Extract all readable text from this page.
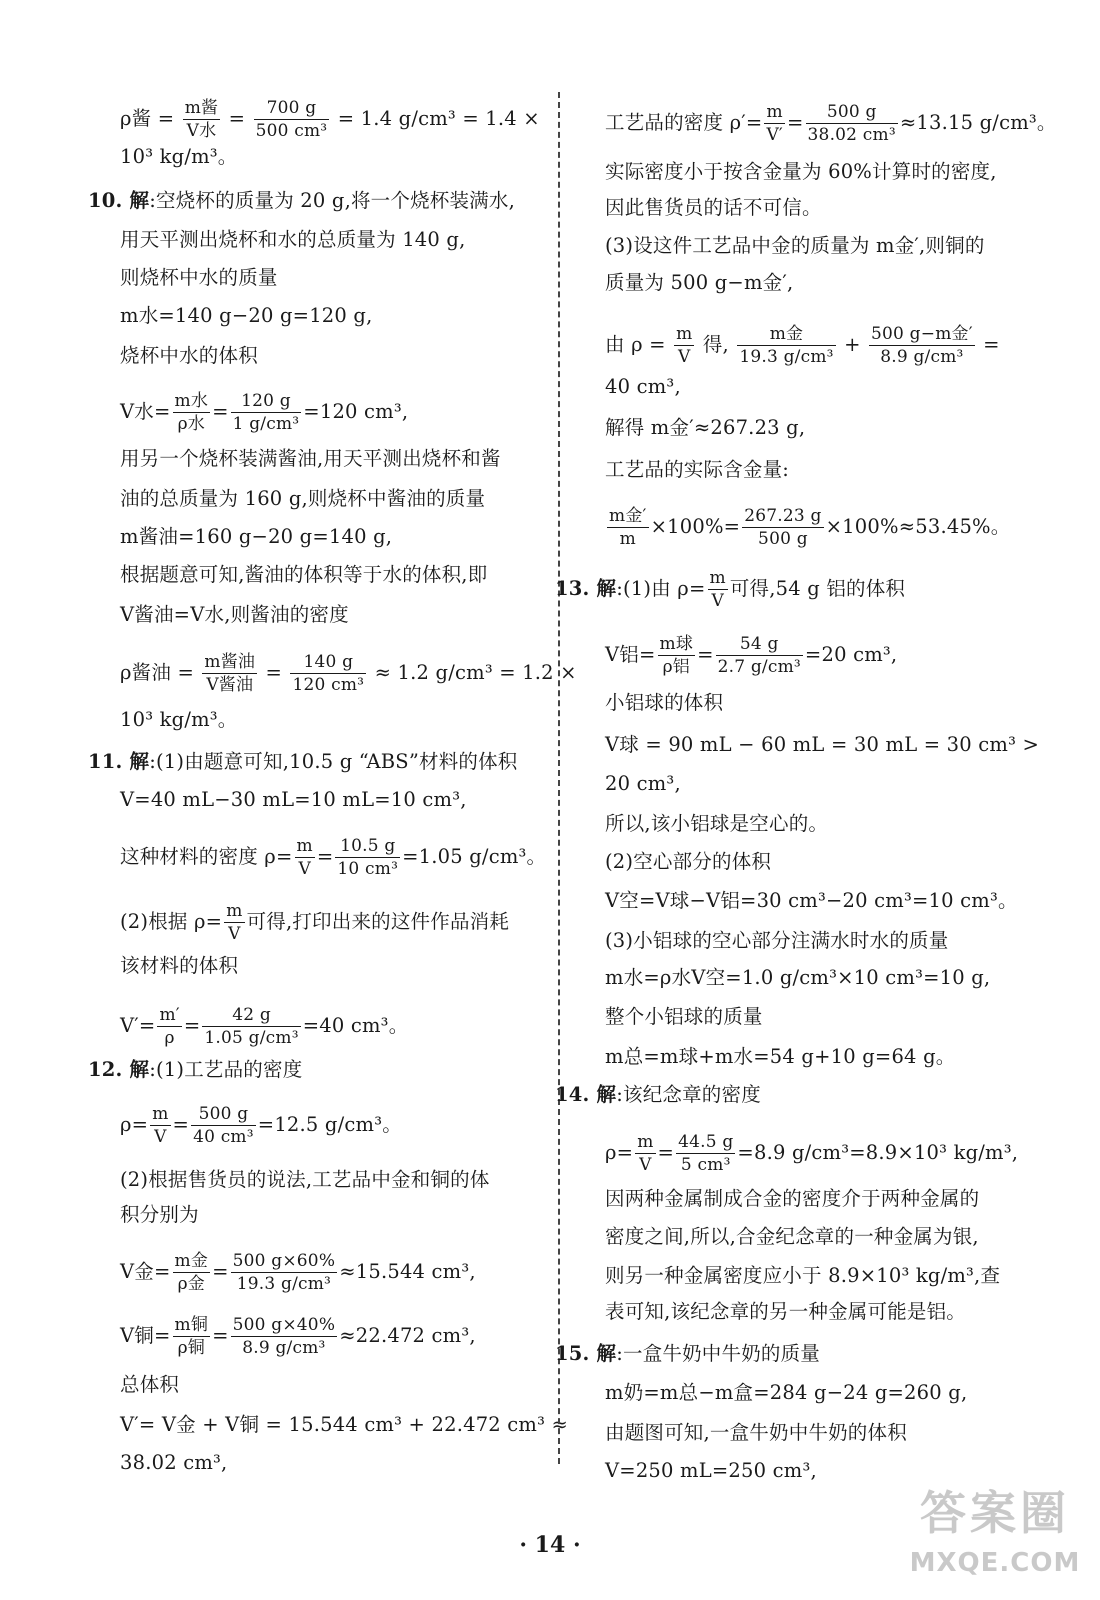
ρ酱 = $\frac{\text{m酱}}{\text{V水}} = \frac{700 g}{\text{500 cm³}} = 1.4$ g/cm³ = 1.4 ×
10³ kg/m³。
10. 解:空烧杯的质量为 20 g,将一个烧杯装满水,
用天平测出烧杯和水的总质量为 140 g,
则烧杯中水的质量
m水=140 g−20 g=120 g,
烧杯中水的体积
V水= $\frac{\text{m水}}{\text{ρ水}} = \frac{120 g}{\text{1 g/cm³}} =120$ cm³,
用另一个烧杯装满酱油,用天平测出烧杯和酱
油的总质量为 160 g,则烧杯中酱油的质量
m酱油=160 g−20 g=140 g,
根据题意可知,酱油的体积等于水的体积,即
V酱油=V水,则酱油的密度
ρ酱油 = $\frac{\text{m酱油}}{\text{V酱油}} = \frac{140 g}{\text{120 cm³}} \approx 1.2$ g/cm³ = 1.2 ×
10³ kg/m³。
11. 解:(1)由题意可知,10.5 g “ABS”材料的体积
V=40 mL−30 mL=10 mL=10 cm³,
这种材料的密度 $\rho= \frac{m}{V} = \frac{10.5 g}{\text{10 cm³}} =1.05$ g/cm³。
(2)根据 $\rho= \frac{m}{V}$ 可得,打印出来的这件作品消耗
该材料的体积
$V'= \frac{m'}{\rho} = \frac{42 g}{\text{1.05 g/cm³}} =40$ cm³。
12. 解:(1)工艺品的密度
$\rho= \frac{m}{V} = \frac{500 g}{\text{40 cm³}} =12.5$ g/cm³。
(2)根据售货员的说法,工艺品中金和铜的体
积分别为
V金= $\frac{\text{m金}}{\text{ρ金}} = \frac{500 g\times 60\%}{\text{19.3 g/cm³}} \approx 15.544$ cm³,
V铜= $\frac{\text{m铜}}{\text{ρ铜}} = \frac{500 g\times 40\%}{\text{8.9 g/cm³}} \approx 22.472$ cm³,
总体积
V′= V金 + V铜 = 15.544 cm³ + 22.472 cm³ ≈
38.02 cm³,
工艺品的密度 $\rho'= \frac{m}{V'} = \frac{500 g}{\text{38.02 cm³}} \approx 13.15$ g/cm³。
实际密度小于按含金量为 60%计算时的密度,
因此售货员的话不可信。
(3)设这件工艺品中金的质量为 m金′,则铜的
质量为 500 g−m金′,
由 $\rho = \frac{m}{V}$ 得, $\frac{\text{m金}}{\text{19.3 g/cm³}} + \frac{\text{500 g−m金′}}{\text{8.9 g/cm³}}$ =
40 cm³,
解得 m金′≈267.23 g,
工艺品的实际含金量:
$\frac{\text{m金′}}{m} \times 100\%= \frac{267.23 g}{500 g} \times 100\%\approx 53.45\%$。
13. 解:(1)由 $\rho= \frac{m}{V}$ 可得,54 g 铝的体积
V铝= $\frac{\text{m球}}{\text{ρ铝}} = \frac{54 g}{\text{2.7 g/cm³}} =20$ cm³,
小铝球的体积
V球 = 90 mL − 60 mL = 30 mL = 30 cm³ >
20 cm³,
所以,该小铝球是空心的。
(2)空心部分的体积
V空=V球−V铝=30 cm³−20 cm³=10 cm³。
(3)小铝球的空心部分注满水时水的质量
m水=ρ水V空=1.0 g/cm³×10 cm³=10 g,
整个小铝球的质量
m总=m球+m水=54 g+10 g=64 g。
14. 解:该纪念章的密度
$\rho= \frac{m}{V} = \frac{44.5 g}{\text{5 cm³}} =8.9$ g/cm³=8.9×10³ kg/m³,
因两种金属制成合金的密度介于两种金属的
密度之间,所以,合金纪念章的一种金属为银,
则另一种金属密度应小于 8.9×10³ kg/m³,查
表可知,该纪念章的另一种金属可能是铝。
15. 解:一盒牛奶中牛奶的质量
m奶=m总−m盒=284 g−24 g=260 g,
由题图可知,一盒牛奶中牛奶的体积
V=250 mL=250 cm³,
· 14 ·
答案圈
MXQE.COM
